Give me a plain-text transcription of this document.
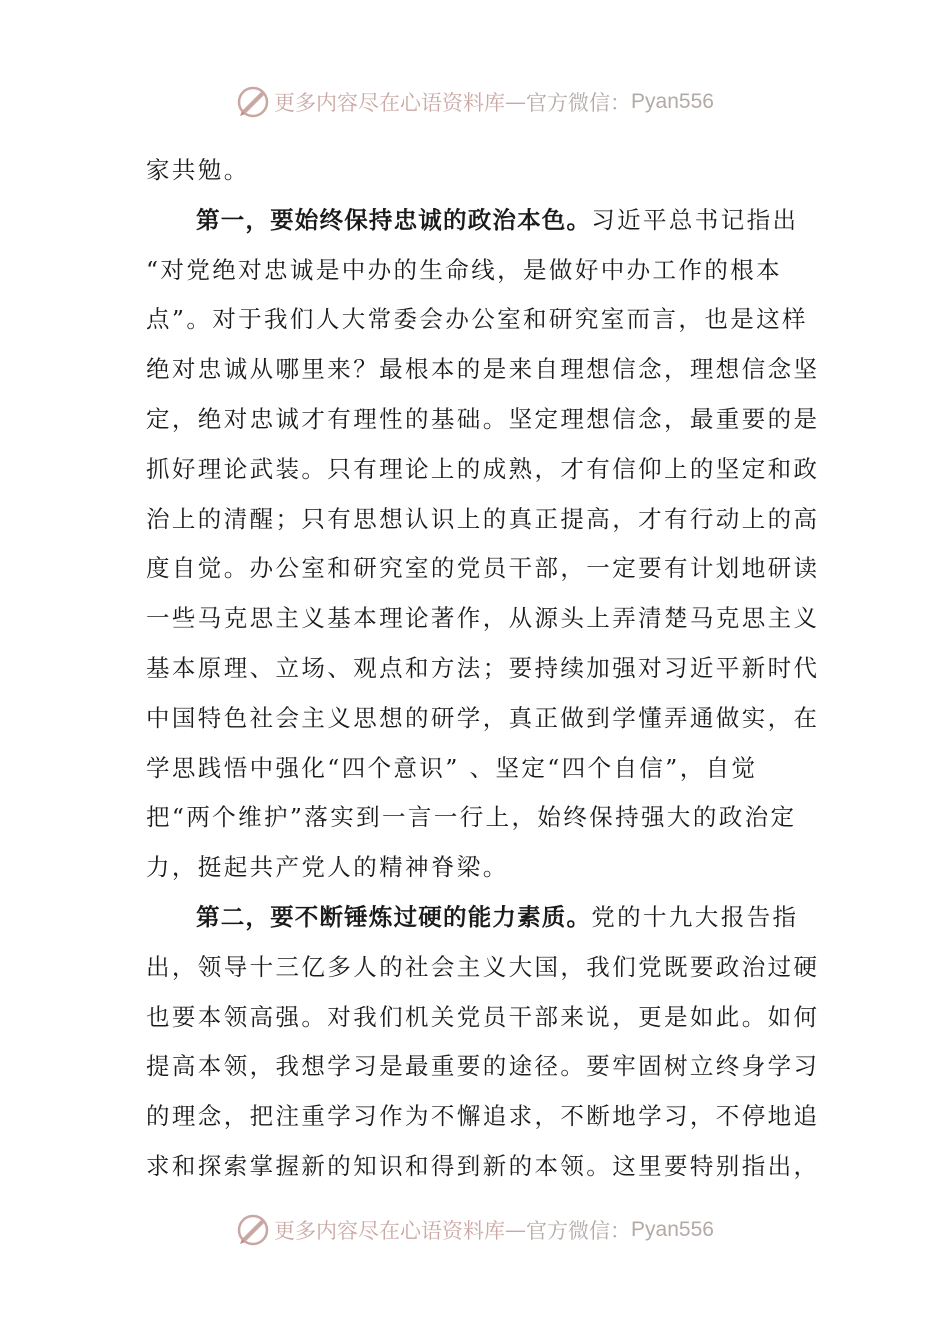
更多内容尽在心语资料库 — 官方微信： Pyan556
家共勉。
第一，要始终保持忠诚的政治本色。习近平总书记指出
“对党绝对忠诚是中办的生命线，是做好中办工作的根本
点”。对于我们人大常委会办公室和研究室而言，也是这样
绝对忠诚从哪里来？最根本的是来自理想信念，理想信念坚
定，绝对忠诚才有理性的基础。坚定理想信念，最重要的是
抓好理论武装。只有理论上的成熟，才有信仰上的坚定和政
治上的清醒；只有思想认识上的真正提高，才有行动上的高
度自觉。办公室和研究室的党员干部，一定要有计划地研读
一些马克思主义基本理论著作，从源头上弄清楚马克思主义
基本原理、立场、观点和方法；要持续加强对习近平新时代
中国特色社会主义思想的研学，真正做到学懂弄通做实，在
学思践悟中强化“四个意识” 、坚定“四个自信”，自觉
把“两个维护”落实到一言一行上，始终保持强大的政治定
力，挺起共产党人的精神脊梁。
第二，要不断锤炼过硬的能力素质。党的十九大报告指
出，领导十三亿多人的社会主义大国，我们党既要政治过硬
也要本领高强。对我们机关党员干部来说，更是如此。如何
提高本领，我想学习是最重要的途径。要牢固树立终身学习
的理念，把注重学习作为不懈追求，不断地学习，不停地追
求和探索掌握新的知识和得到新的本领。这里要特别指出，
更多内容尽在心语资料库 — 官方微信： Pyan556
